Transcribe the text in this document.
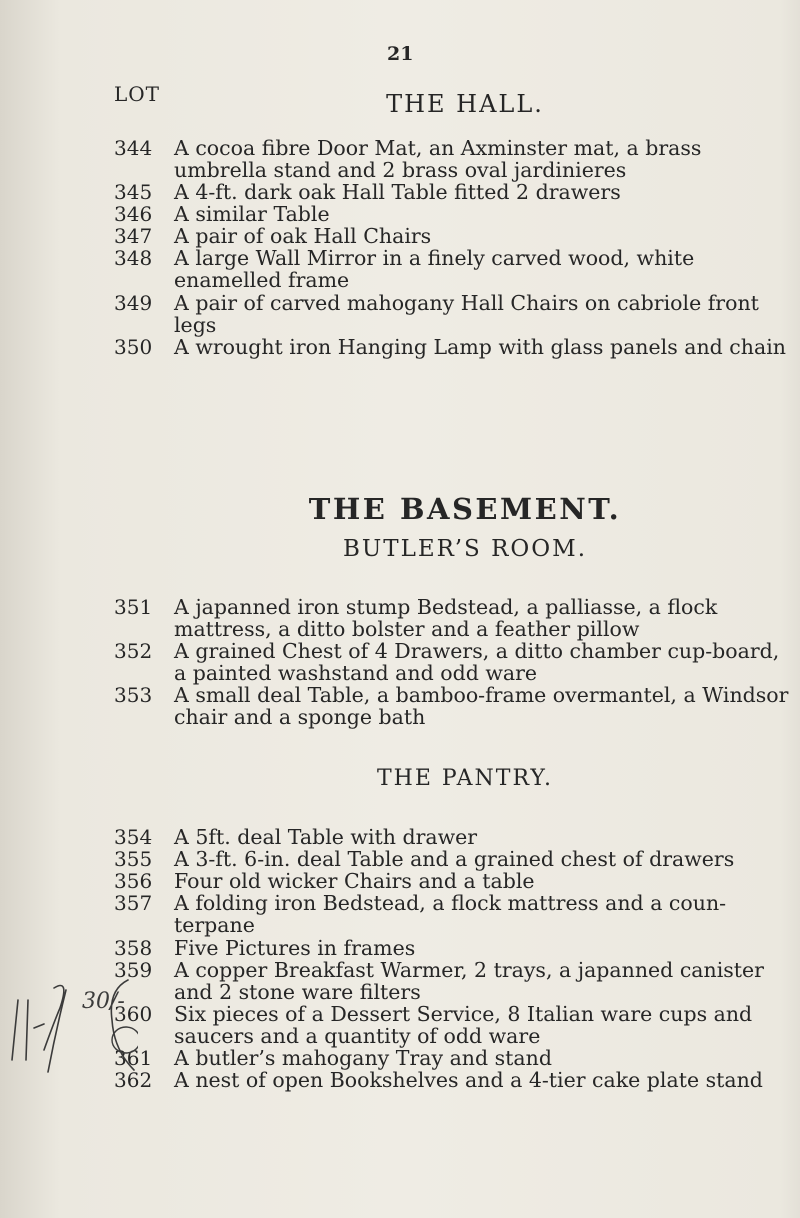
21
LOT	THE HALL.
344	A cocoa fibre Door Mat, an Axminster mat, a brass umbrella stand and 2 brass oval jardinieres
345	A 4-ft. dark oak Hall Table fitted 2 drawers
346	A similar Table
347	A pair of oak Hall Chairs
348	A large Wall Mirror in a finely carved wood, white enamelled frame
349	A pair of carved mahogany Hall Chairs on cabriole front legs
350	A wrought iron Hanging Lamp with glass panels and chain
THE BASEMENT.
BUTLER’S ROOM.
351	A japanned iron stump Bedstead, a palliasse, a flock mattress, a ditto bolster and a feather pillow
352	A grained Chest of 4 Drawers, a ditto chamber cup-board, a painted washstand and odd ware
353	A small deal Table, a bamboo-frame overmantel, a Windsor chair and a sponge bath
THE PANTRY.
354	A 5ft. deal Table with drawer
355	A 3-ft. 6-in. deal Table and a grained chest of drawers
356	Four old wicker Chairs and a table
357	A folding iron Bedstead, a flock mattress and a coun-terpane
358	Five Pictures in frames
359	A copper Breakfast Warmer, 2 trays, a japanned canister and 2 stone ware filters
360	Six pieces of a Dessert Service, 8 Italian ware cups and saucers and a quantity of odd ware
361	A butler’s mahogany Tray and stand
362	A nest of open Bookshelves and a 4-tier cake plate stand
30/-
